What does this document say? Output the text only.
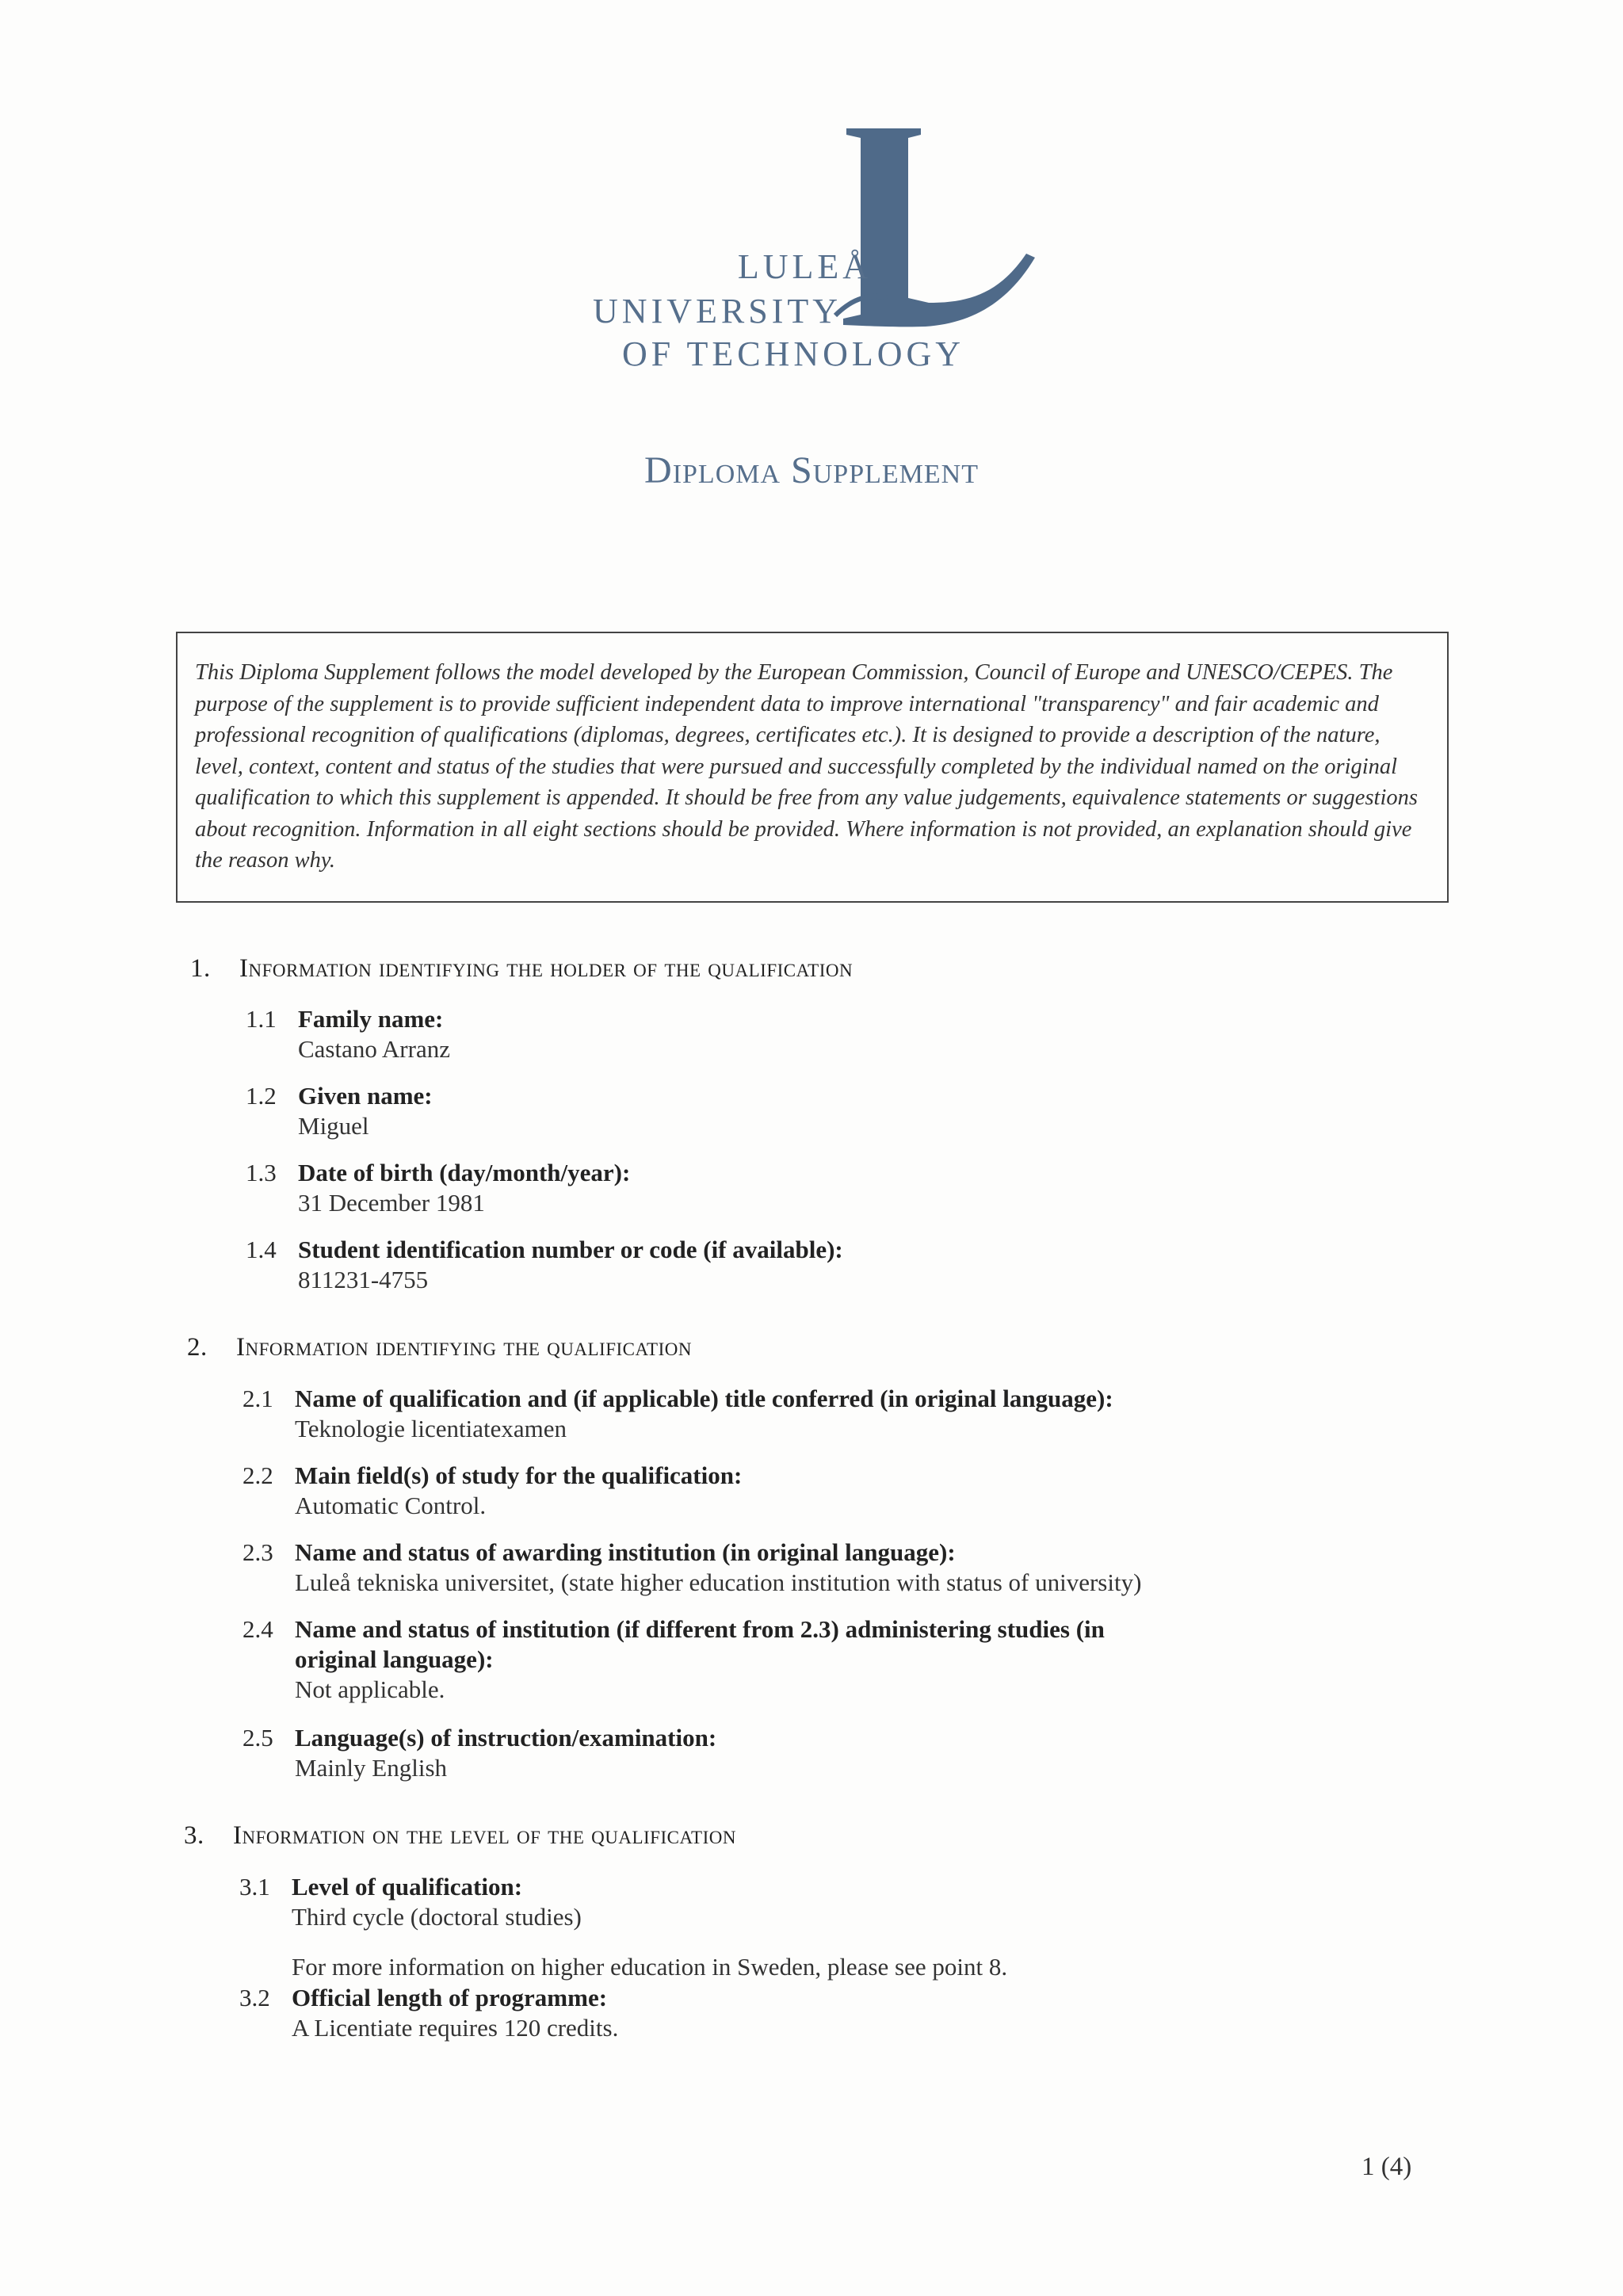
LULEÅ
UNIVERSITY
OF TECHNOLOGY
Diploma Supplement
This Diploma Supplement follows the model developed by the European Commission, Council of Europe and UNESCO/CEPES. The purpose of the supplement is to provide sufficient independent data to improve international "transparency" and fair academic and professional recognition of qualifications (diplomas, degrees, certificates etc.). It is designed to provide a description of the nature, level, context, content and status of the studies that were pursued and successfully completed by the individual named on the original qualification to which this supplement is appended. It should be free from any value judgements, equivalence statements or suggestions about recognition. Information in all eight sections should be provided. Where information is not provided, an explanation should give the reason why.
1. Information identifying the holder of the qualification
1.1 Family name:
Castano Arranz
1.2 Given name:
Miguel
1.3 Date of birth (day/month/year):
31 December 1981
1.4 Student identification number or code (if available):
811231-4755
2. Information identifying the qualification
2.1 Name of qualification and (if applicable) title conferred (in original language):
Teknologie licentiatexamen
2.2 Main field(s) of study for the qualification:
Automatic Control.
2.3 Name and status of awarding institution (in original language):
Luleå tekniska universitet, (state higher education institution with status of university)
2.4 Name and status of institution (if different from 2.3) administering studies (in original language):
Not applicable.
2.5 Language(s) of instruction/examination:
Mainly English
3. Information on the level of the qualification
3.1 Level of qualification:
Third cycle (doctoral studies)
For more information on higher education in Sweden, please see point 8.
3.2 Official length of programme:
A Licentiate requires 120 credits.
1 (4)
